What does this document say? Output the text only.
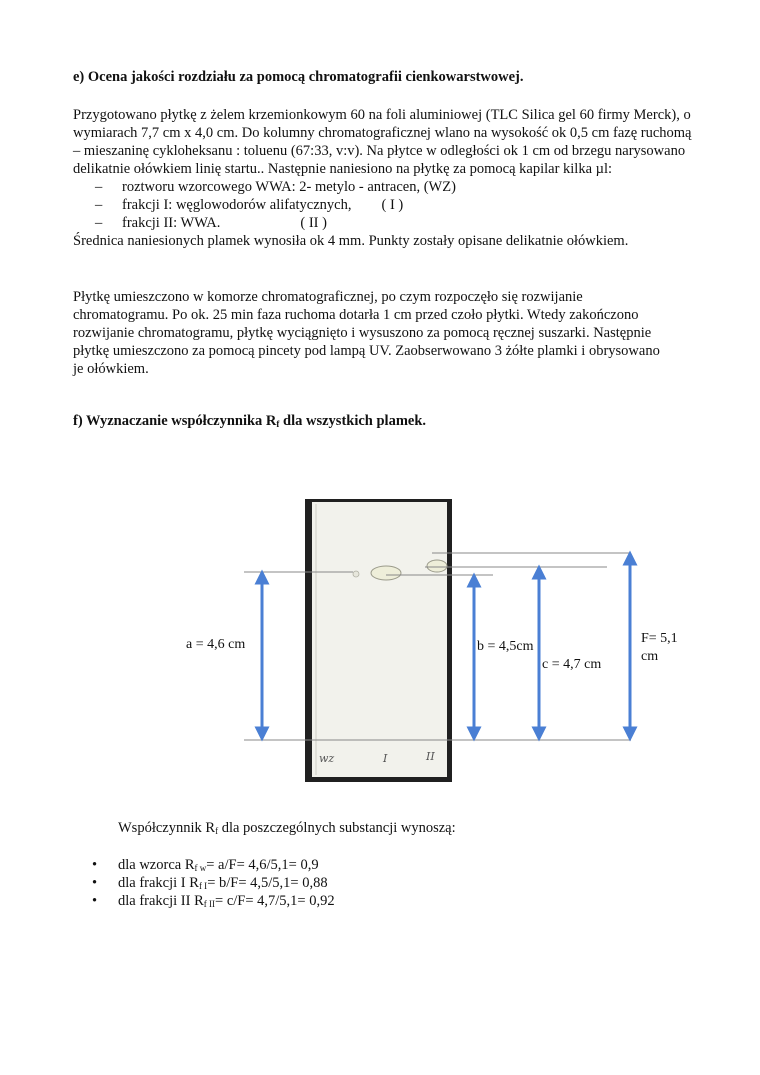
e) Ocena jakości rozdziału za pomocą chromatografii cienkowarstwowej.

Przygotowano płytkę z żelem krzemionkowym 60 na foli aluminiowej (TLC Silica gel 60 firmy Merck), o wymiarach 7,7 cm x 4,0 cm. Do kolumny chromatograficznej wlano na wysokość ok 0,5 cm fazę ruchomą – mieszaninę cykloheksanu : toluenu (67:33, v:v). Na płytce w odległości ok 1 cm od brzegu narysowano delikatnie ołówkiem linię startu.. Następnie naniesiono na płytkę za pomocą kapilar kilka µl:

– roztworu wzorcowego WWA: 2- metylo - antracen, (WZ)
– frakcji I: węglowodorów alifatycznych, ( I )
– frakcji II: WWA.	( II )

Średnica naniesionych plamek wynosiła ok 4 mm. Punkty zostały opisane delikatnie ołówkiem.

Płytkę umieszczono w komorze chromatograficznej, po czym rozpoczęło się rozwijanie chromatogramu. Po ok. 25 min faza ruchoma dotarła 1 cm przed czoło płytki. Wtedy zakończono rozwijanie chromatogramu, płytkę wyciągnięto i wysuszono za pomocą ręcznej suszarki. Następnie płytkę umieszczono za pomocą pincety pod lampą UV. Zaobserwowano 3 żółte plamki i obrysowano je ołówkiem.
f) Wyznaczanie współczynnika $R_f$ dla wszystkich plamek.
wz	I	II
a = 4,6 cm	b = 4,5cm
c = 4,7 cm
F= 5,1
cm
Współczynnik $R_f$ dla poszczególnych substancji wynoszą:
• dla wzorca $R_{f w}= a/F= 4,6/5,1= 0,9$
• dla frakcji I $R_{f I}= b/F= 4,5/5,1= 0,88$
• dla frakcji II $R_{f II}= c/F= 4,7/5,1= 0,92$
